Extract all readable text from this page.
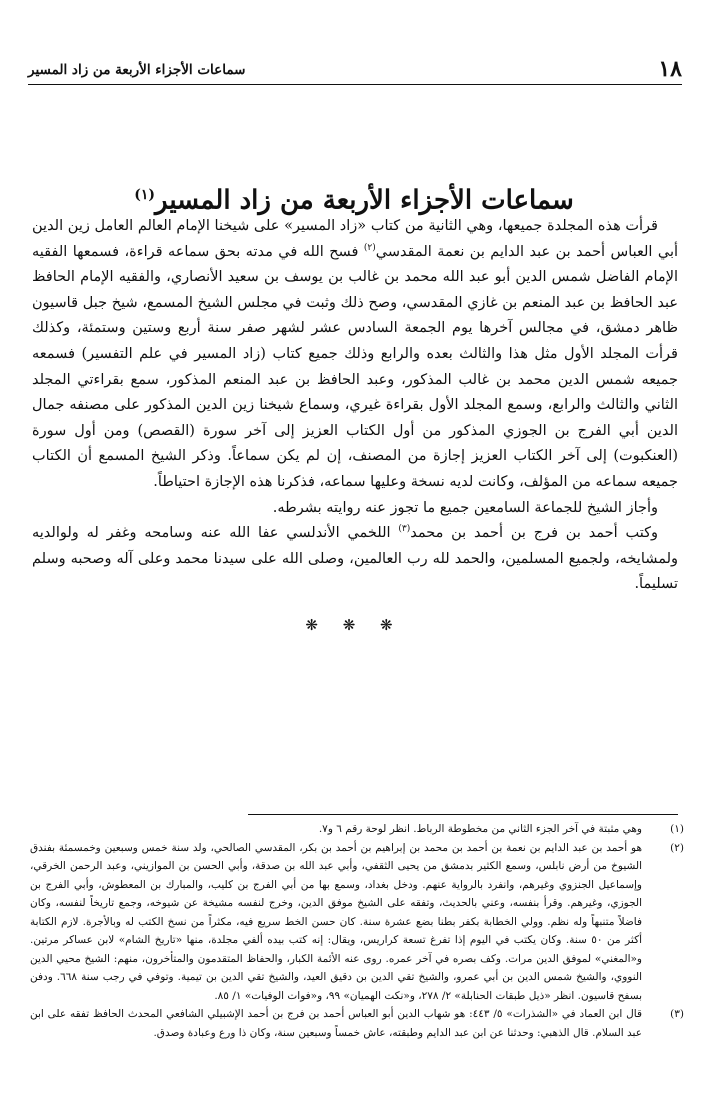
١٨
سماعات الأجزاء الأربعة من زاد المسير
سماعات الأجزاء الأربعة من زاد المسير$^{(١)}$

قرأت هذه المجلدة جميعها، وهي الثانية من كتاب «زاد المسير» على شيخنا الإمام العالم العامل زين الدين أبي العباس أحمد بن عبد الدايم بن نعمة المقدسي$^{(٢)}$ فسح الله في مدته بحق سماعه قراءة، فسمعها الفقيه الإمام الفاضل شمس الدين أبو عبد الله محمد بن غالب بن يوسف بن سعيد الأنصاري، والفقيه الإمام الحافظ عبد الحافظ بن عبد المنعم بن غازي المقدسي، وصح ذلك وثبت في مجلس الشيخ المسمع، شيخ جبل قاسيون ظاهر دمشق، في مجالس آخرها يوم الجمعة السادس عشر لشهر صفر سنة أربع وستين وستمئة، وكذلك قرأت المجلد الأول مثل هذا والثالث بعده والرابع وذلك جميع كتاب (زاد المسير في علم التفسير) فسمعه جميعه شمس الدين محمد بن غالب المذكور، وعبد الحافظ بن عبد المنعم المذكور، سمع بقراءتي المجلد الثاني والثالث والرابع، وسمع المجلد الأول بقراءة غيري، وسماع شيخنا زين الدين المذكور على مصنفه جمال الدين أبي الفرج بن الجوزي المذكور من أول الكتاب العزيز إلى آخر سورة (القصص) ومن أول سورة (العنكبوت) إلى آخر الكتاب العزيز إجازة من المصنف، إن لم يكن سماعاً. وذكر الشيخ المسمع أن الكتاب جميعه سماعه من المؤلف، وكانت لديه نسخة وعليها سماعه، فذكرنا هذه الإجازة احتياطاً.

وأجاز الشيخ للجماعة السامعين جميع ما تجوز عنه روايته بشرطه.

وكتب أحمد بن فرج بن أحمد بن محمد$^{(٣)}$ اللخمي الأندلسي عفا الله عنه وسامحه وغفر له ولوالديه ولمشايخه، ولجميع المسلمين، والحمد لله رب العالمين، وصلى الله على سيدنا محمد وعلى آله وصحبه وسلم تسليماً.

❋ ❋ ❋
(١)
وهي مثبتة في آخر الجزء الثاني من مخطوطة الرباط. انظر لوحة رقم ٦ و٧.
(٢)
هو أحمد بن عبد الدايم بن نعمة بن أحمد بن محمد بن إبراهيم بن أحمد بن بكر، المقدسي الصالحي، ولد سنة خمس وسبعين وخمسمئة بفندق الشيوخ من أرض نابلس، وسمع الكثير بدمشق من يحيى الثقفي، وأبي عبد الله بن صدقة، وأبي الحسن بن الموازيني، وعبد الرحمن الخرقي، وإسماعيل الجنزوي وغيرهم، وانفرد بالرواية عنهم. ودخل بغداد، وسمع بها من أبي الفرج بن كليب، والمبارك بن المعطوش، وأبي الفرج بن الجوزي، وغيرهم. وقرأ بنفسه، وعني بالحديث، وتفقه على الشيخ موفق الدين، وخرج لنفسه مشيخة عن شيوخه، وجمع تاريخاً لنفسه، وكان فاضلاً متنبهاً وله نظم. وولي الخطابة بكفر بطنا بضع عشرة سنة. كان حسن الخط سريع فيه، مكثراً من نسخ الكتب له وبالأجرة. لازم الكتابة أكثر من ٥٠ سنة. وكان يكتب في اليوم إذا تفرغ تسعة كراريس، ويقال: إنه كتب بيده ألفي مجلدة، منها «تاريخ الشام» لابن عساكر مرتين. و«المغني» لموفق الدين مرات. وكف بصره في آخر عمره. روى عنه الأئمة الكبار، والحفاظ المتقدمون والمتأخرون، منهم: الشيخ محيي الدين النووي، والشيخ شمس الدين بن أبي عمرو، والشيخ تقي الدين بن دقيق العيد، والشيخ تقي الدين بن تيمية. وتوفي في رجب سنة ٦٦٨. ودفن بسفح قاسيون. انظر «ذيل طبقات الحنابلة» ٢/ ٢٧٨، و«نكت الهميان» ٩٩، و«فوات الوفيات» ١/ ٨٥.
(٣)
قال ابن العماد في «الشذرات» ٥/ ٤٤٣: هو شهاب الدين أبو العباس أحمد بن فرج بن أحمد الإشبيلي الشافعي المحدث الحافظ تفقه على ابن عبد السلام. قال الذهبي: وحدثنا عن ابن عبد الدايم وطبقته، عاش خمساً وسبعين سنة، وكان ذا ورع وعبادة وصدق.
